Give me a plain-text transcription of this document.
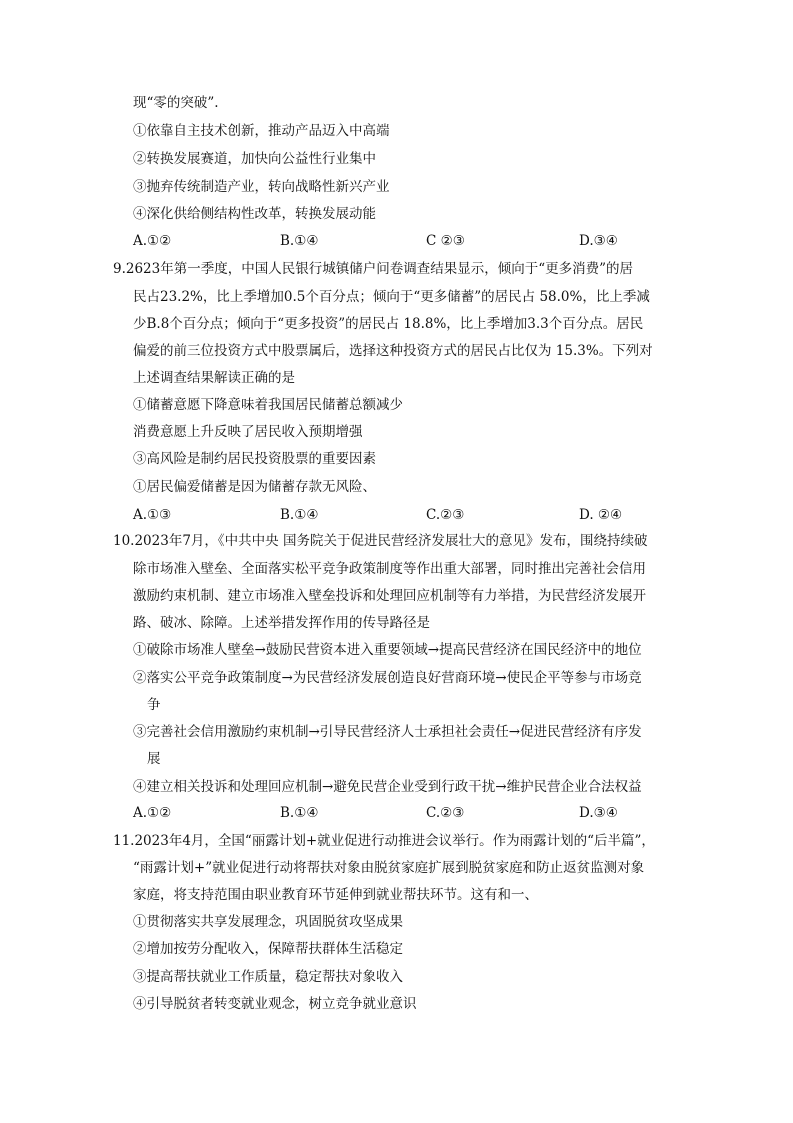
现“零的突破”.
①依靠自主技术创新，推动产品迈入中高端
②转换发展赛道，加快向公益性行业集中
③抛弃传统制造产业，转向战略性新兴产业
④深化供给侧结构性改革，转换发展动能
A.①②	B.①④	C ②③	D.③④
9.2623年第一季度，中国人民银行城镇储户问卷调查结果显示，倾向于“更多消费”的居
民占23.2%，比上季增加0.5个百分点；倾向于“更多储蓄”的居民占 58.0%，比上季减
少B.8个百分点；倾向于“更多投资”的居民占 18.8%，比上季增加3.3个百分点。居民
偏爱的前三位投资方式中股票属后，选择这种投资方式的居民占比仅为 15.3%。下列对
上述调查结果解读正确的是
①储蓄意愿下降意味着我国居民储蓄总额减少
消费意愿上升反映了居民收入预期增强
③高风险是制约居民投资股票的重要因素
①居民偏爱储蓄是因为储蓄存款无风险、
A.①③	B.①④	C.②③	D. ②④
10.2023年7月，《中共中央 国务院关于促进民营经济发展壮大的意见》发布，围绕持续破
除市场准入壁垒、全面落实松平竞争政策制度等作出重大部署，同时推出完善社会信用
激励约束机制、建立市场准入壁垒投诉和处理回应机制等有力举措，为民营经济发展开
路、破冰、除障。上述举措发挥作用的传导路径是
①破除市场准人壁垒→鼓励民营资本进入重要领域→提高民营经济在国民经济中的地位
②落实公平竞争政策制度→为民营经济发展创造良好营商环境→使民企平等参与市场竞
争
③完善社会信用激励约束机制→引导民营经济人士承担社会责任→促进民营经济有序发
展
④建立相关投诉和处理回应机制→避免民营企业受到行政干扰→维护民营企业合法权益
A.①②	B.①④	C.②③	D.③④
11.2023年4月，全国“丽露计划+就业促进行动推进会议举行。作为雨露计划的“后半篇”，
“雨露计划+”就业促进行动将帮扶对象由脱贫家庭扩展到脱贫家庭和防止返贫监测对象
家庭，将支持范围由职业教育环节延伸到就业帮扶环节。这有和一、
①贯彻落实共享发展理念，巩固脱贫攻坚成果
②增加按劳分配收入，保障帮扶群体生活稳定
③提高帮扶就业工作质量，稳定帮扶对象收入
④引导脱贫者转变就业观念，树立竞争就业意识
